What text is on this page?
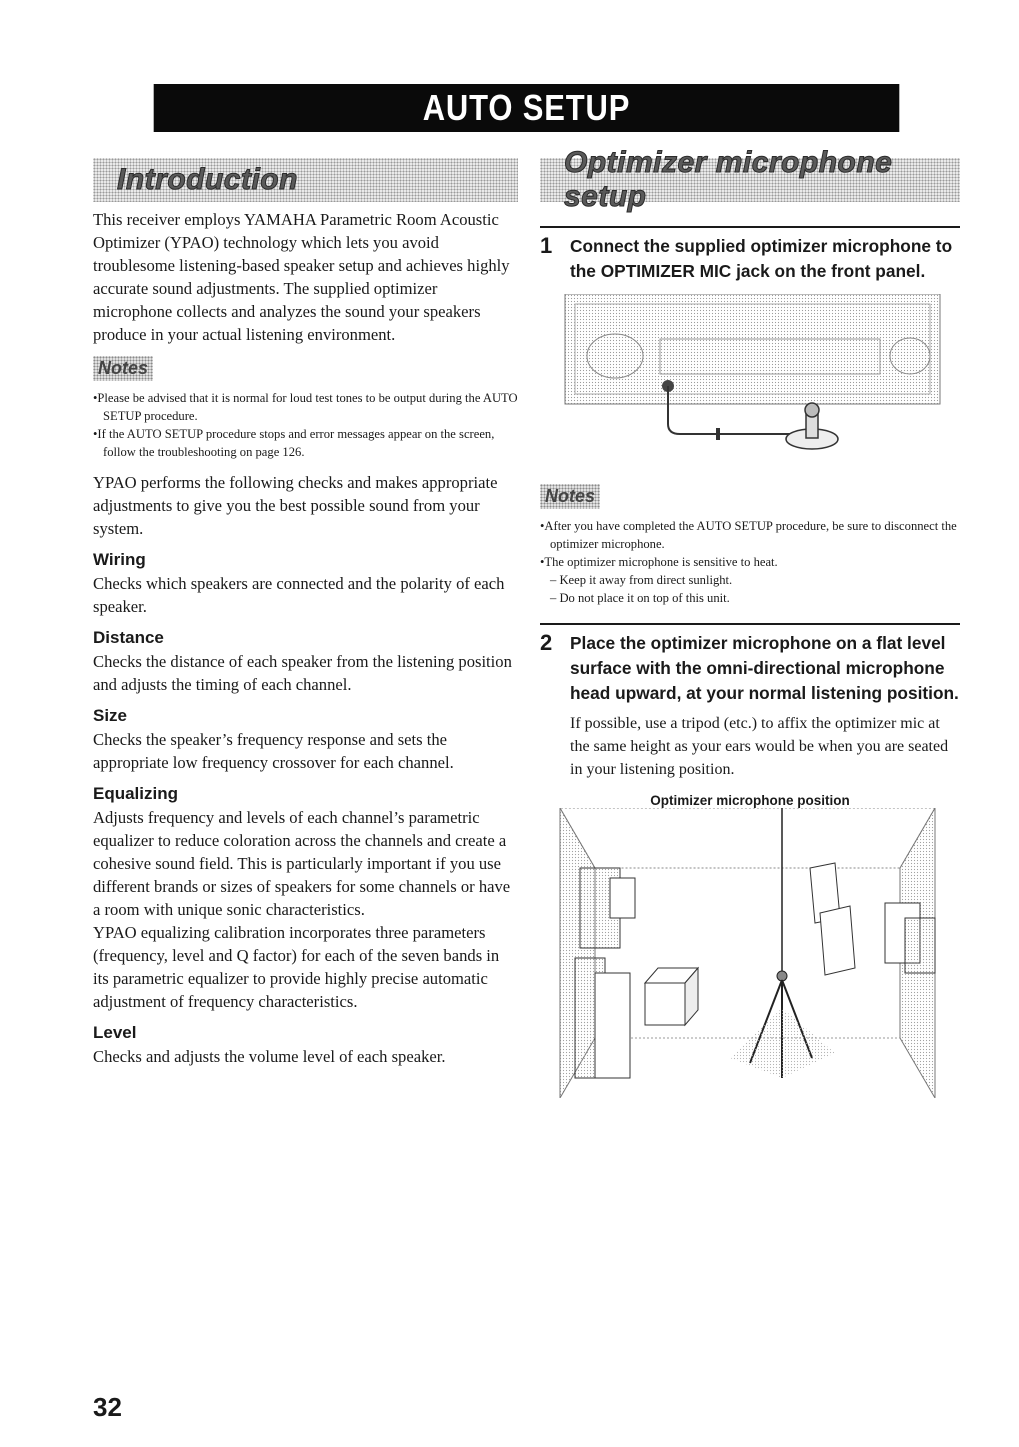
AUTO SETUP
Introduction
Optimizer microphone setup

This receiver employs YAMAHA Parametric Room Acoustic Optimizer (YPAO) technology which lets you avoid troublesome listening-based speaker setup and achieves highly accurate sound adjustments. The supplied optimizer microphone collects and analyzes the sound your speakers produce in your actual listening environment.

Notes
• Please be advised that it is normal for loud test tones to be output during the AUTO SETUP procedure.
• If the AUTO SETUP procedure stops and error messages appear on the screen, follow the troubleshooting on page 126.

YPAO performs the following checks and makes appropriate adjustments to give you the best possible sound from your system.

Wiring

Checks which speakers are connected and the polarity of each speaker.

Distance

Checks the distance of each speaker from the listening position and adjusts the timing of each channel.

Size

Checks the speaker’s frequency response and sets the appropriate low frequency crossover for each channel.

Equalizing

Adjusts frequency and levels of each channel’s parametric equalizer to reduce coloration across the channels and create a cohesive sound field. This is particularly important if you use different brands or sizes of speakers for some channels or have a room with unique sonic characteristics.

YPAO equalizing calibration incorporates three parameters (frequency, level and Q factor) for each of the seven bands in its parametric equalizer to provide highly precise automatic adjustment of frequency characteristics.

Level

Checks and adjusts the volume level of each speaker.

1	Connect the supplied optimizer microphone to the OPTIMIZER MIC jack on the front panel.
Notes
• After you have completed the AUTO SETUP procedure, be sure to disconnect the optimizer microphone.
• The optimizer microphone is sensitive to heat.
– Keep it away from direct sunlight.
– Do not place it on top of this unit.
2	Place the optimizer microphone on a flat level surface with the omni-directional microphone head upward, at your normal listening position.

If possible, use a tripod (etc.) to affix the optimizer mic at the same height as your ears would be when you are seated in your listening position.

Optimizer microphone position
32
